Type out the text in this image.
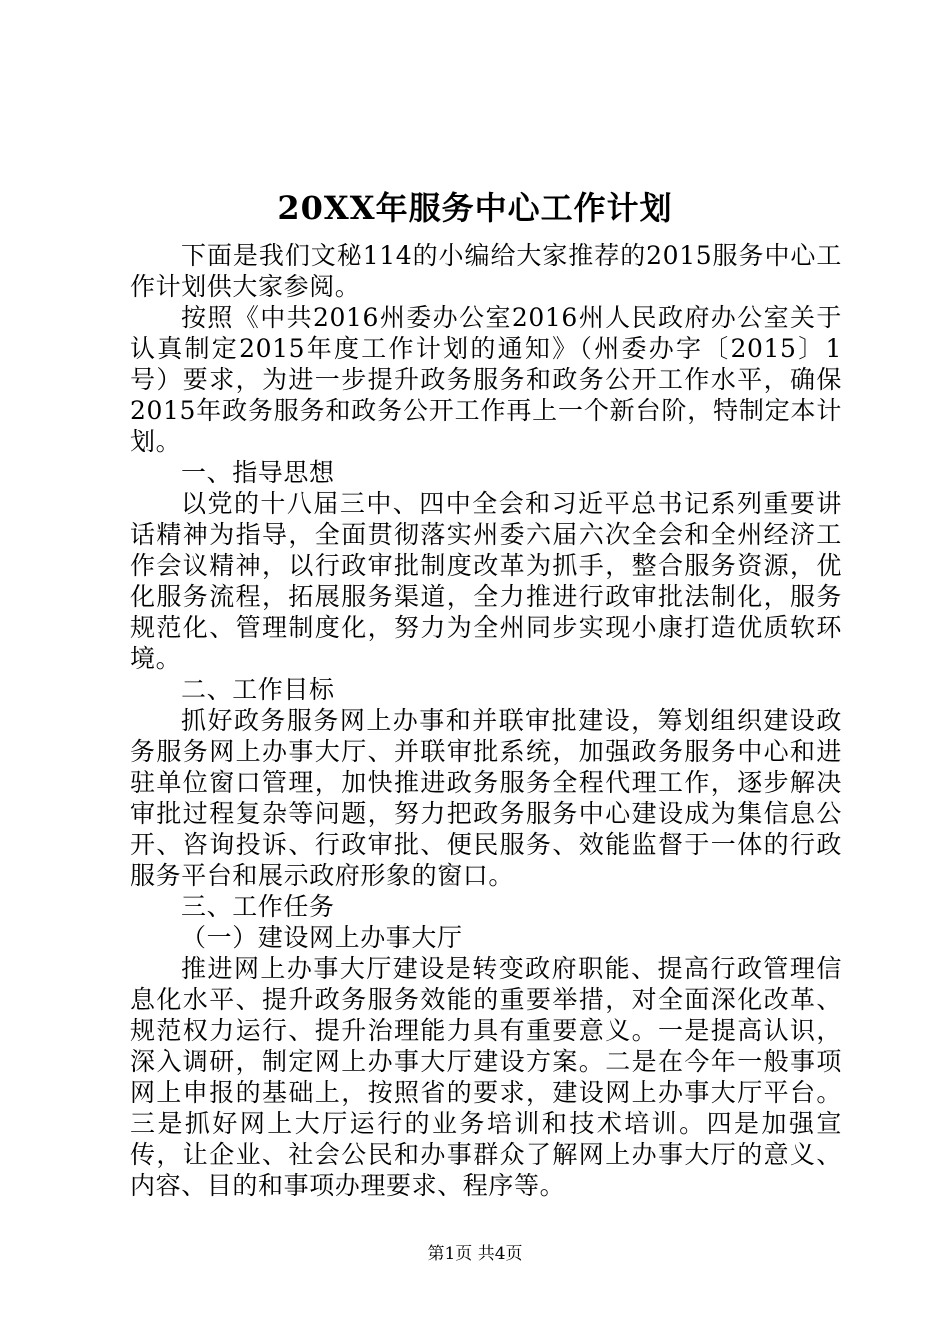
20XX年服务中心工作计划

下面是我们文秘114的小编给大家推荐的2015服务中心工作计划供大家参阅。

按照《中共2016州委办公室2016州人民政府办公室关于认真制定2015年度工作计划的通知》（州委办字〔2015〕1号）要求，为进一步提升政务服务和政务公开工作水平，确保2015年政务服务和政务公开工作再上一个新台阶，特制定本计划。

一、指导思想

以党的十八届三中、四中全会和习近平总书记系列重要讲话精神为指导，全面贯彻落实州委六届六次全会和全州经济工作会议精神，以行政审批制度改革为抓手，整合服务资源，优化服务流程，拓展服务渠道，全力推进行政审批法制化，服务规范化、管理制度化，努力为全州同步实现小康打造优质软环境。

二、工作目标

抓好政务服务网上办事和并联审批建设，筹划组织建设政务服务网上办事大厅、并联审批系统，加强政务服务中心和进驻单位窗口管理，加快推进政务服务全程代理工作，逐步解决审批过程复杂等问题，努力把政务服务中心建设成为集信息公开、咨询投诉、行政审批、便民服务、效能监督于一体的行政服务平台和展示政府形象的窗口。

三、工作任务

（一）建设网上办事大厅

推进网上办事大厅建设是转变政府职能、提高行政管理信息化水平、提升政务服务效能的重要举措，对全面深化改革、规范权力运行、提升治理能力具有重要意义。一是提高认识，深入调研，制定网上办事大厅建设方案。二是在今年一般事项网上申报的基础上，按照省的要求，建设网上办事大厅平台。三是抓好网上大厅运行的业务培训和技术培训。四是加强宣传，让企业、社会公民和办事群众了解网上办事大厅的意义、内容、目的和事项办理要求、程序等。

第1页 共4页
